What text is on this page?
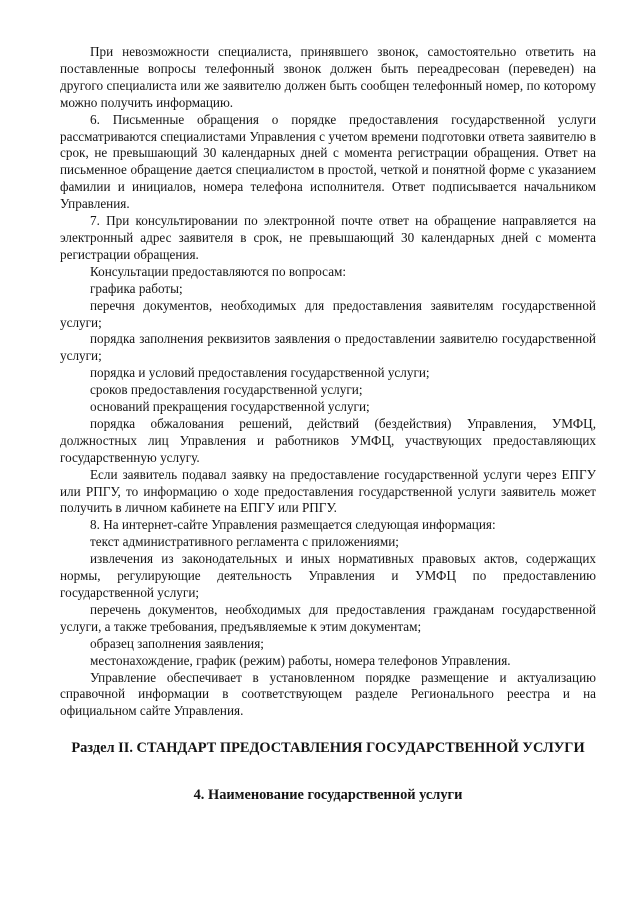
При невозможности специалиста, принявшего звонок, самостоятельно ответить на поставленные вопросы телефонный звонок должен быть переадресован (переведен) на другого специалиста или же заявителю должен быть сообщен телефонный номер, по которому можно получить информацию.

6. Письменные обращения о порядке предоставления государственной услуги рассматриваются специалистами Управления с учетом времени подготовки ответа заявителю в срок, не превышающий 30 календарных дней с момента регистрации обращения. Ответ на письменное обращение дается специалистом в простой, четкой и понятной форме с указанием фамилии и инициалов, номера телефона исполнителя. Ответ подписывается начальником Управления.

7. При консультировании по электронной почте ответ на обращение направляется на электронный адрес заявителя в срок, не превышающий 30 календарных дней с момента регистрации обращения.

Консультации предоставляются по вопросам:

графика работы;

перечня документов, необходимых для предоставления заявителям государственной услуги;

порядка заполнения реквизитов заявления о предоставлении заявителю государственной услуги;

порядка и условий предоставления государственной услуги;

сроков предоставления государственной услуги;

оснований прекращения государственной услуги;

порядка обжалования решений, действий (бездействия) Управления, УМФЦ, должностных лиц Управления и работников УМФЦ, участвующих предоставляющих государственную услугу.

Если заявитель подавал заявку на предоставление государственной услуги через ЕПГУ или РПГУ, то информацию о ходе предоставления государственной услуги заявитель может получить в личном кабинете на ЕПГУ или РПГУ.

8. На интернет-сайте Управления размещается следующая информация:

текст административного регламента с приложениями;

извлечения из законодательных и иных нормативных правовых актов, содержащих нормы, регулирующие деятельность Управления и УМФЦ по предоставлению государственной услуги;

перечень документов, необходимых для предоставления гражданам государственной услуги, а также требования, предъявляемые к этим документам;

образец заполнения заявления;

местонахождение, график (режим) работы, номера телефонов Управления.

Управление обеспечивает в установленном порядке размещение и актуализацию справочной информации в соответствующем разделе Регионального реестра и на официальном сайте Управления.

Раздел II. СТАНДАРТ ПРЕДОСТАВЛЕНИЯ ГОСУДАРСТВЕННОЙ УСЛУГИ
4. Наименование государственной услуги
